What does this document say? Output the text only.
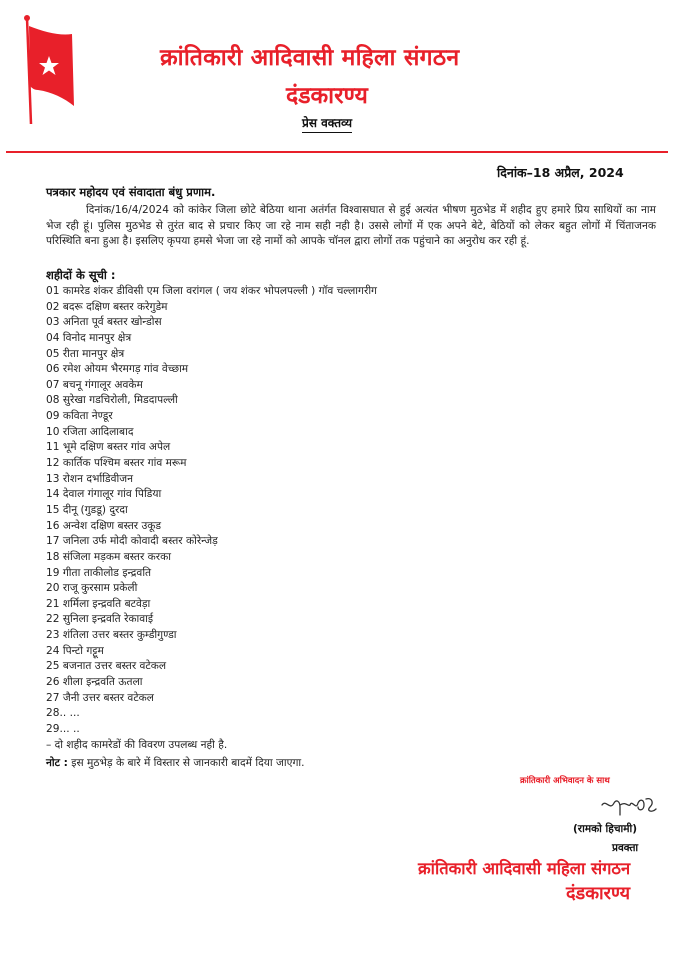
क्रांतिकारी आदिवासी महिला संगठन
दंडकारण्य
प्रेस वक्तव्य
दिनांक–18 अप्रैल, 2024
पत्रकार महोदय एवं संवादाता बंधु प्रणाम.
दिनांक/16/4/2024 को कांकेर जिला छोटे बेठिया थाना अतंर्गत विश्वासघात से हुई अत्यंत भीषण मुठभेड में शहीद हुए हमारे प्रिय साथियों का नाम भेज रही हूं। पुलिस मुठभेड से तुरंत बाद से प्रचार किए जा रहे नाम सही नही है। उससे लोगों में एक अपने बेटे, बेठियों को लेकर बहुत लोगों में चिंताजनक परिस्थिति बना हुआ है। इसलिए कृपया हमसे भेजा जा रहे नामों को आपके चॉनल द्वारा लोगों तक पहुंचाने का अनुरोध कर रही हूं.
शहीदों के सूची :
01 कामरेड शंकर डीविसी एम जिला वरांगल ( जय शंकर भोपलपल्ली ) गॉव चल्लागरीग
02 बदरू दक्षिण बस्तर करेगुडेम
03 अनिता पूर्व बस्तर खोन्डोस
04 विनोद मानपुर क्षेत्र
05 रीता मानपुर क्षेत्र
06 रमेश ओयम भैरमगड़ गांव वेच्छाम
07 बचनू गंगालूर अवकेम
08 सुरेखा गडचिरोली, मिडदापल्ली
09 कविता नेण्डूर
10 रजिता आदिलाबाद
11 भूमे दक्षिण बस्तर गांव अपेल
12 कार्तिक पश्चिम बस्तर गांव मरूम
13 रोशन दर्भाडिवीजन
14 देवाल गंगालूर गांव पिडिया
15 दीनू (गुडडू) दुरदा
16 अन्वेश दक्षिण बस्तर उकूड
17 जनिला उर्फ मोदी कोवादी बस्तर कोरेन्जेड़
18 संजिला मड़कम बस्तर करका
19 गीता ताकीलोड इन्द्रवति
20 राजू कुरसाम प्रकेली
21 शर्मिला इन्द्रवति बटवेड़ा
22 सुनिला इन्द्रवति रेकावाई
23 शंतिला उत्तर बस्तर कुम्डीगुण्डा
24 पिन्टो गट्टूम
25 बजनात उत्तर बस्तर वटेकल
26 शीला इन्द्रवति ऊतला
27 जैनी उत्तर बस्तर वटेकल
28.. ...
29... ..
– दो शहीद कामरेडों की विवरण उपलब्ध नही है.
नोट : इस मुठभेड़ के बारे में विस्तार से जानकारी बादमें दिया जाएगा.
क्रांतिकारी अभिवादन के साथ
(रामको हिचामी)
प्रवक्ता
क्रांतिकारी आदिवासी महिला संगठन
दंडकारण्य
